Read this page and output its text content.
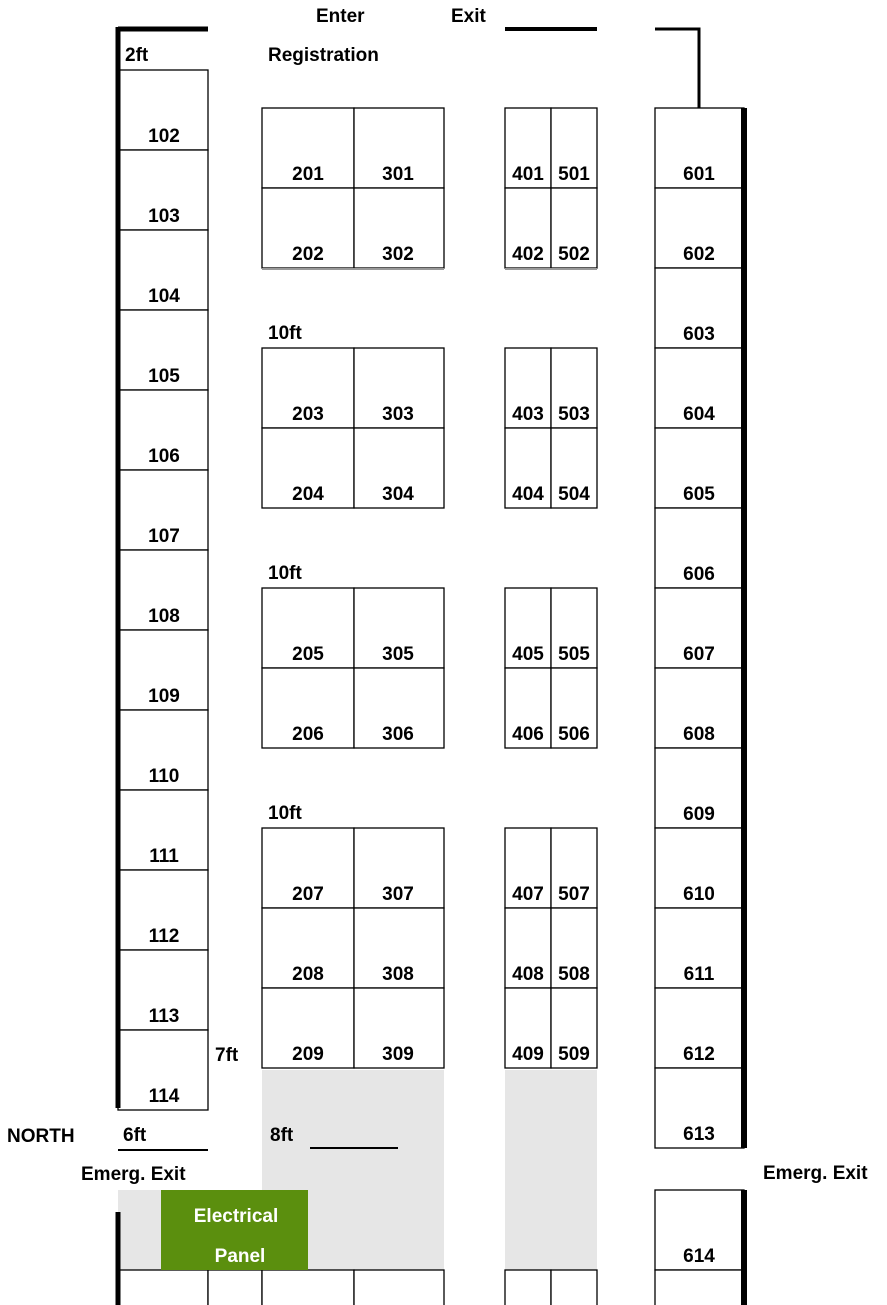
102
103
104
105
106
107
108
109
110
111
112
113
114
201
202
203
204
205
206
207
208
209
301
302
303
304
305
306
307
308
309
401
402
403
404
405
406
407
408
409
501
502
503
504
505
506
507
508
509
601
602
603
604
605
606
607
608
609
610
611
612
613
614
Electrical
Panel
Enter	Exit
Registration
2ft
10ft
10ft
10ft
7ft
6ft	8ft
NORTH
Emerg. Exit	Emerg. Exit
